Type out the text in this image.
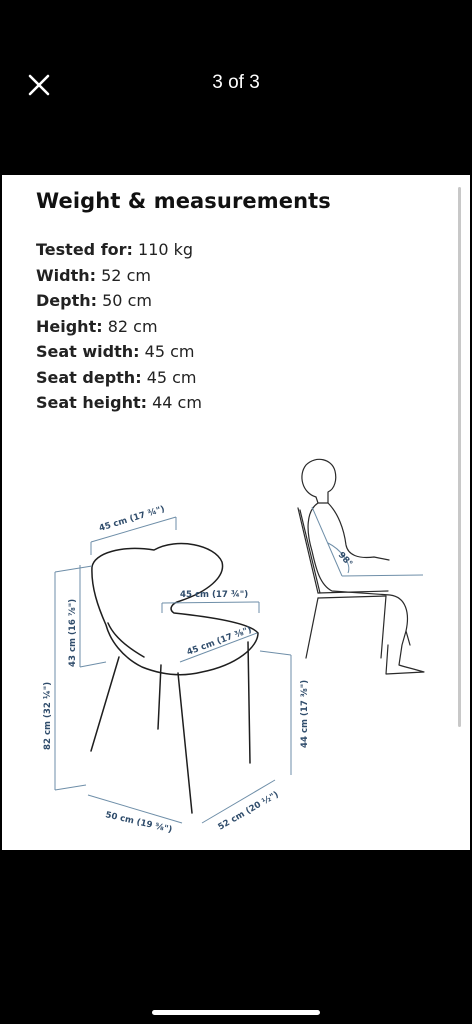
3 of 3
Weight & measurements
Tested for: 110 kg
Width: 52 cm
Depth: 50 cm
Height: 82 cm
Seat width: 45 cm
Seat depth: 45 cm
Seat height: 44 cm
45 cm (17 ¾")
45 cm (17 ¾")
45 cm (17 ⅜")
82 cm (32 ¼")
43 cm (16 ⅞")
44 cm (17 ⅜")
50 cm (19 ⅝")	52 cm (20 ½")
98°
